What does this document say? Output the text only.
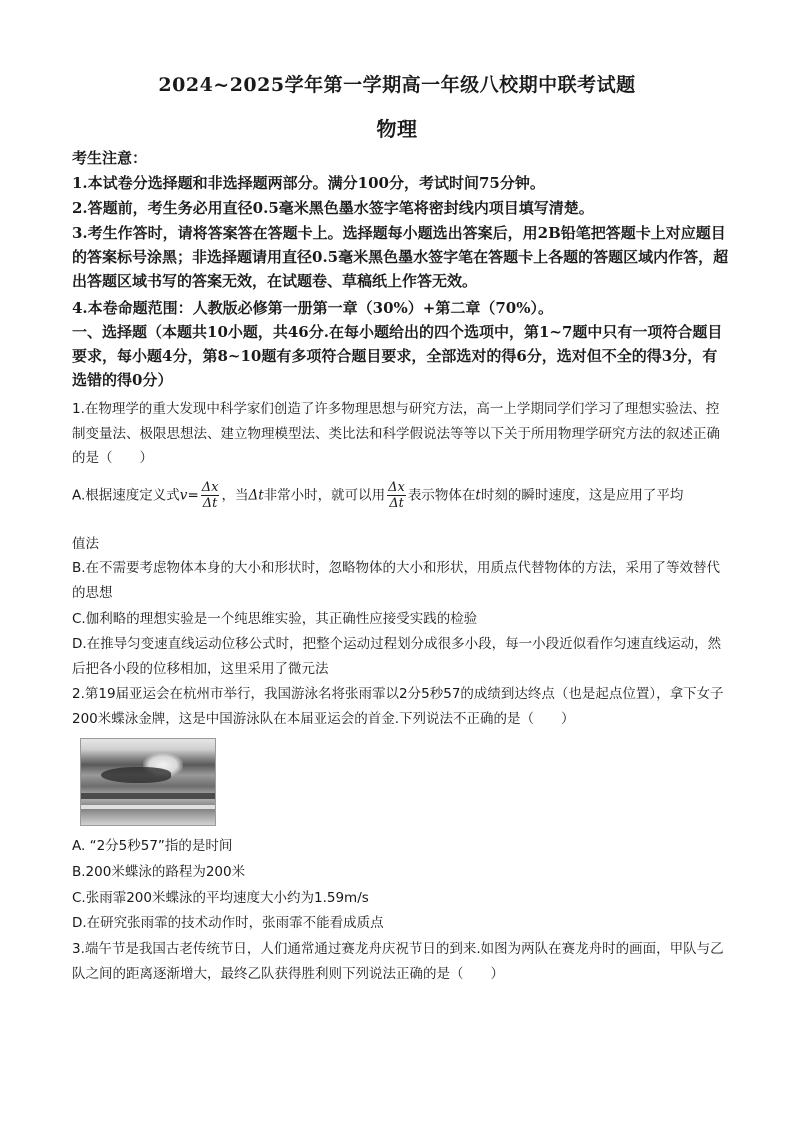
2024~2025学年第一学期高一年级八校期中联考试题
物理
考生注意：
1.本试卷分选择题和非选择题两部分。满分100分，考试时间75分钟。
2.答题前，考生务必用直径0.5毫米黑色墨水签字笔将密封线内项目填写清楚。
3.考生作答时，请将答案答在答题卡上。选择题每小题选出答案后，用2B铅笔把答题卡上对应题目的答案标号涂黑；非选择题请用直径0.5毫米黑色墨水签字笔在答题卡上各题的答题区域内作答，超出答题区域书写的答案无效，在试题卷、草稿纸上作答无效。
4.本卷命题范围：人教版必修第一册第一章（30%）+第二章（70%）。
一、选择题（本题共10小题，共46分.在每小题给出的四个选项中，第1~7题中只有一项符合题目要求，每小题4分，第8~10题有多项符合题目要求，全部选对的得6分，选对但不全的得3分，有选错的得0分）
1.在物理学的重大发现中科学家们创造了许多物理思想与研究方法，高一上学期同学们学习了理想实验法、控制变量法、极限思想法、建立物理模型法、类比法和科学假说法等等以下关于所用物理学研究方法的叙述正确的是（　　）
A.根据速度定义式$v= \frac{\Delta x}{\Delta t}$ ，当Δt非常小时，就可以用 $\frac{\Delta x}{\Delta t}$ 表示物体在t时刻的瞬时速度，这是应用了平均
值法
B.在不需要考虑物体本身的大小和形状时，忽略物体的大小和形状，用质点代替物体的方法，采用了等效替代的思想
C.伽利略的理想实验是一个纯思维实验，其正确性应接受实践的检验
D.在推导匀变速直线运动位移公式时，把整个运动过程划分成很多小段，每一小段近似看作匀速直线运动，然后把各小段的位移相加，这里采用了微元法
2.第19届亚运会在杭州市举行，我国游泳名将张雨霏以2分5秒57的成绩到达终点（也是起点位置），拿下女子200米蝶泳金牌，这是中国游泳队在本届亚运会的首金.下列说法不正确的是（　　）
A. “2分5秒57”指的是时间
B.200米蝶泳的路程为200米
C.张雨霏200米蝶泳的平均速度大小约为1.59m/s
D.在研究张雨霏的技术动作时，张雨霏不能看成质点
3.端午节是我国古老传统节日，人们通常通过赛龙舟庆祝节日的到来.如图为两队在赛龙舟时的画面，甲队与乙队之间的距离逐渐增大，最终乙队获得胜利则下列说法正确的是（　　）
